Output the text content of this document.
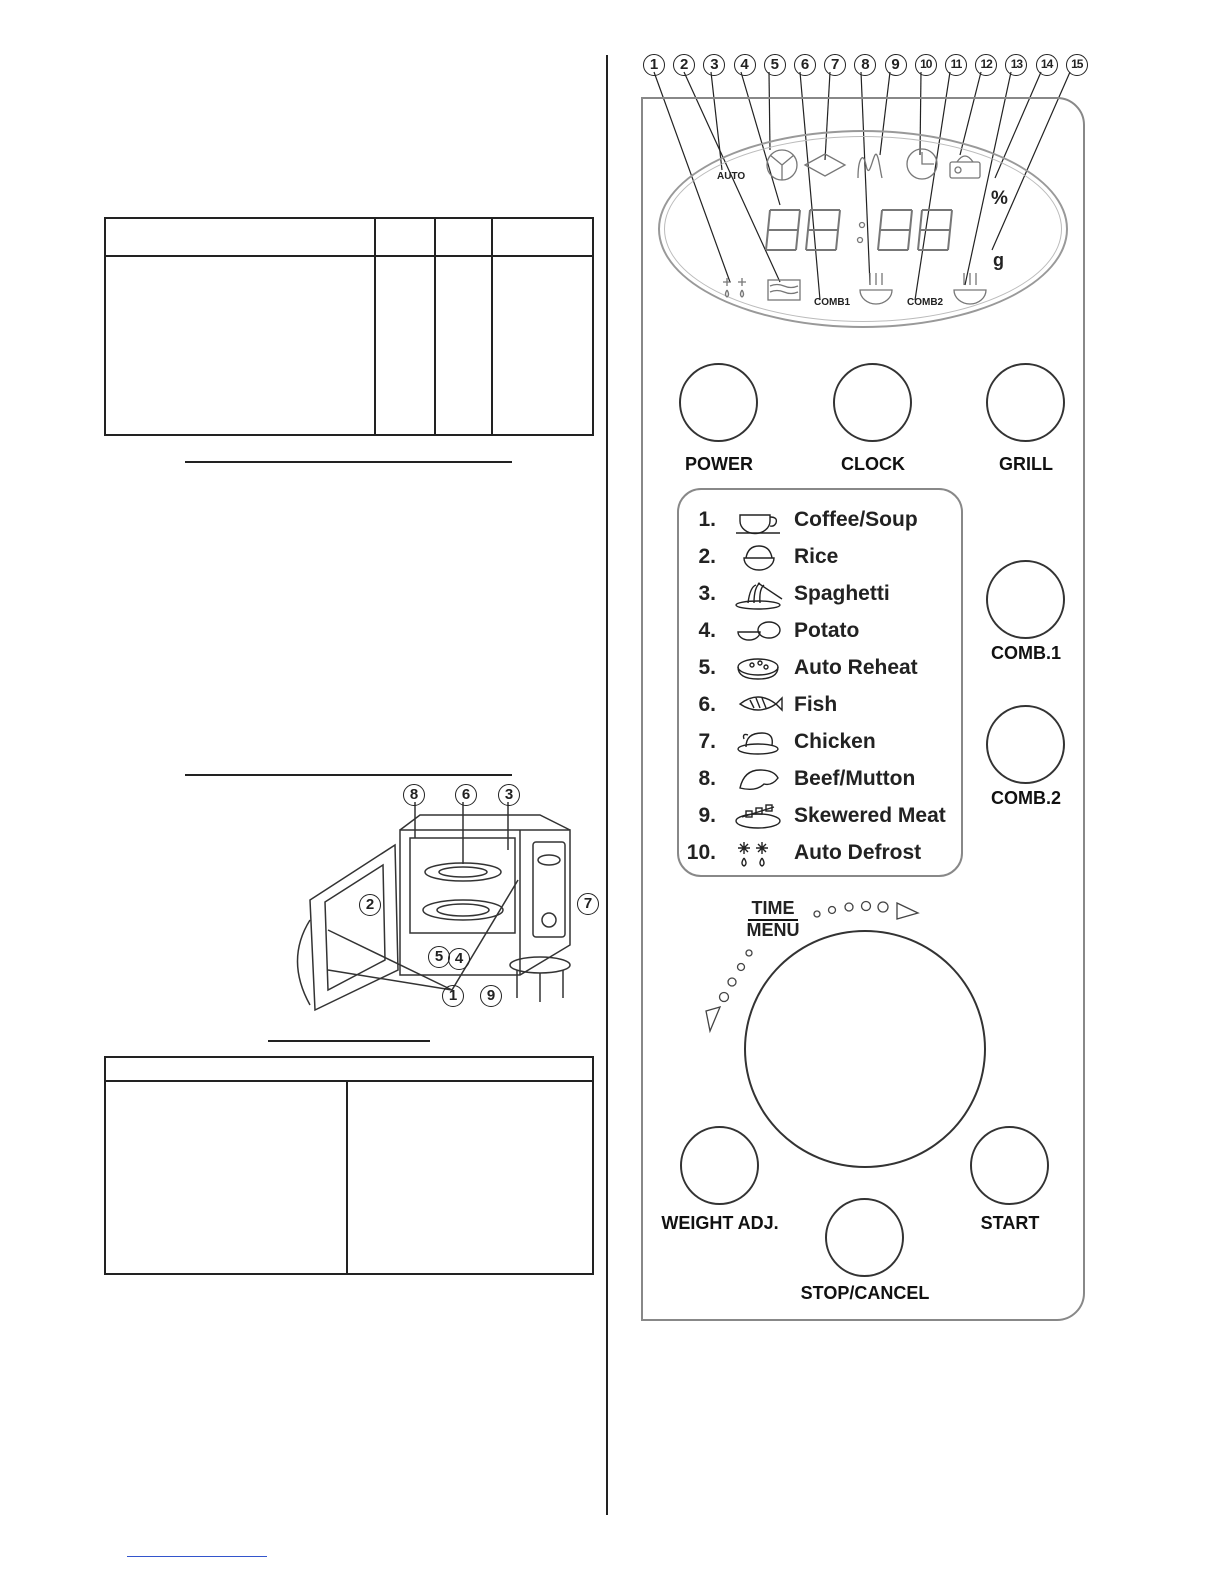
8	6	3
2	7
5 4
1	9
1	2	3	4	5	6	7	8	9	10	11	12	13	14	15
AUTO
COMB1	COMB2
%
g
POWER	CLOCK	GRILL
1.	Coffee/Soup
2.	Rice
3.	Spaghetti
4.	Potato
5.	Auto Reheat
6.	Fish
7.	Chicken
8.	Beef/Mutton
9.	Skewered Meat
10.	Auto Defrost
COMB.1
COMB.2
TIME
MENU
WEIGHT ADJ.	START
STOP/CANCEL
